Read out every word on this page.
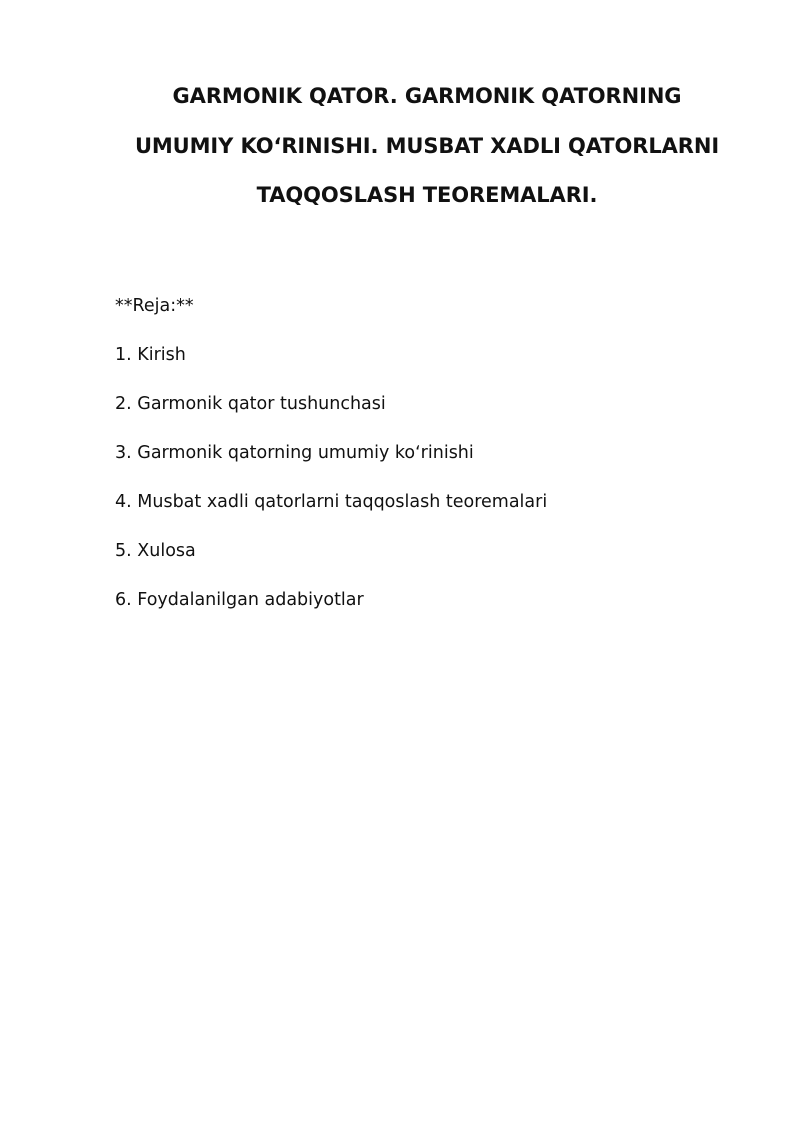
GARMONIK QATOR. GARMONIK QATORNING
UMUMIY KO‘RINISHI. MUSBAT XADLI QATORLARNI
TAQQOSLASH TEOREMALARI.

**Reja:**

1. Kirish

2. Garmonik qator tushunchasi

3. Garmonik qatorning umumiy koʻrinishi

4. Musbat xadli qatorlarni taqqoslash teoremalari

5. Xulosa

6. Foydalanilgan adabiyotlar
